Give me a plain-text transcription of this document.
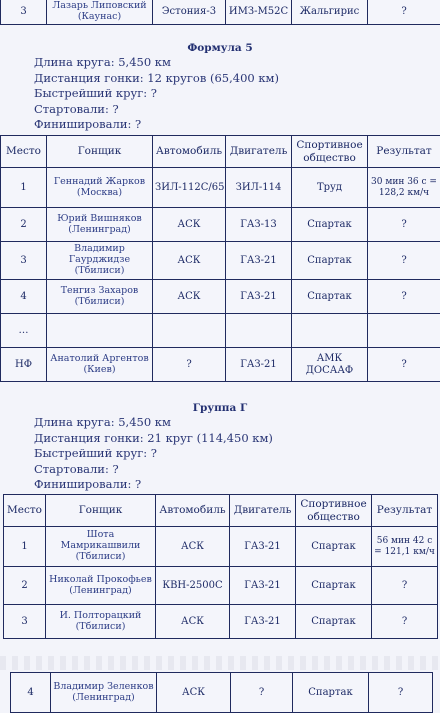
3	Лазарь Липовский (Каунас)	Эстония-3	ИМЗ-М52С	Жальгирис	?
Формула 5
Длина круга: 5,450 км
Дистанция гонки: 12 кругов (65,400 км)
Быстрейший круг: ?
Стартовали: ?
Финишировали: ?
Место	Гонщик	Автомобиль	Двигатель	Спортивное общество	Результат
1	Геннадий Жарков (Москва)	ЗИЛ-112С/65	ЗИЛ-114	Труд	30 мин 36 с = 128,2 км/ч
2	Юрий Вишняков (Ленинград)	АСК	ГАЗ-13	Спартак	?
3	Владимир Гаурджидзе (Тбилиси)	АСК	ГАЗ-21	Спартак	?
4	Тенгиз Захаров (Тбилиси)	АСК	ГАЗ-21	Спартак	?
…					
НФ	Анатолий Аргентов (Киев)	?	ГАЗ-21	АМК ДОСААФ	?
Группа Г
Длина круга: 5,450 км
Дистанция гонки: 21 круг (114,450 км)
Быстрейший круг: ?
Стартовали: ?
Финишировали: ?
Место	Гонщик	Автомобиль	Двигатель	Спортивное общество	Результат
1	Шота Мамрикашвили (Тбилиси)	АСК	ГАЗ-21	Спартак	56 мин 42 с = 121,1 км/ч
2	Николай Прокофьев (Ленинград)	КВН-2500С	ГАЗ-21	Спартак	?
3	И. Полторацкий (Тбилиси)	АСК	ГАЗ-21	Спартак	?
4	Владимир Зеленков (Ленинград)	АСК	?	Спартак	?
